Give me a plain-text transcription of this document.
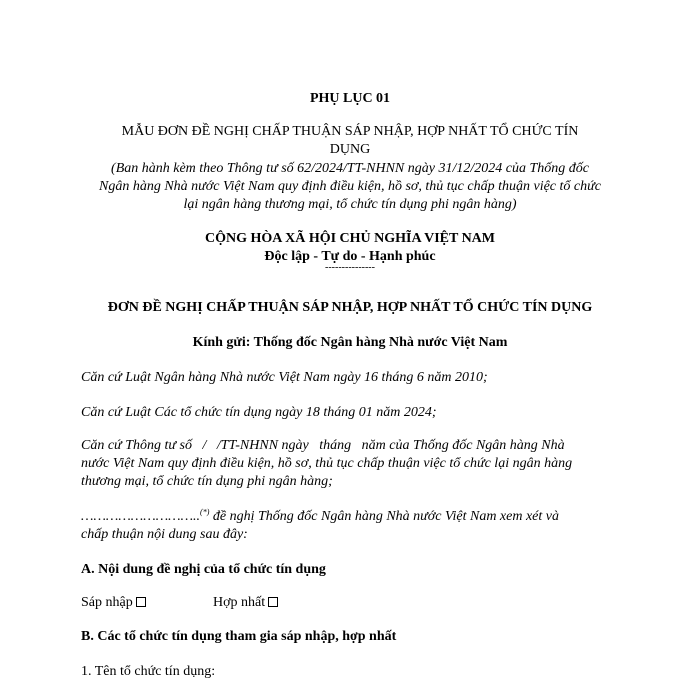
PHỤ LỤC 01

MẪU ĐƠN ĐỀ NGHỊ CHẤP THUẬN SÁP NHẬP, HỢP NHẤT TỔ CHỨC TÍN

DỤNG

(Ban hành kèm theo Thông tư số 62/2024/TT-NHNN ngày 31/12/2024 của Thống đốc

Ngân hàng Nhà nước Việt Nam quy định điều kiện, hồ sơ, thủ tục chấp thuận việc tổ chức

lại ngân hàng thương mại, tổ chức tín dụng phi ngân hàng)

CỘNG HÒA XÃ HỘI CHỦ NGHĨA VIỆT NAM

Độc lập - Tự do - Hạnh phúc

---------------

ĐƠN ĐỀ NGHỊ CHẤP THUẬN SÁP NHẬP, HỢP NHẤT TỔ CHỨC TÍN DỤNG

Kính gửi: Thống đốc Ngân hàng Nhà nước Việt Nam

Căn cứ Luật Ngân hàng Nhà nước Việt Nam ngày 16 tháng 6 năm 2010;

Căn cứ Luật Các tổ chức tín dụng ngày 18 tháng 01 năm 2024;

Căn cứ Thông tư số   /   /TT-NHNN ngày   tháng   năm của Thống đốc Ngân hàng Nhà

nước Việt Nam quy định điều kiện, hồ sơ, thủ tục chấp thuận việc tổ chức lại ngân hàng

thương mại, tổ chức tín dụng phi ngân hàng;

………………………..(*) đề nghị Thống đốc Ngân hàng Nhà nước Việt Nam xem xét và

chấp thuận nội dung sau đây:

A. Nội dung đề nghị của tổ chức tín dụng

Sáp nhập	Hợp nhất

B. Các tổ chức tín dụng tham gia sáp nhập, hợp nhất

1. Tên tổ chức tín dụng:
